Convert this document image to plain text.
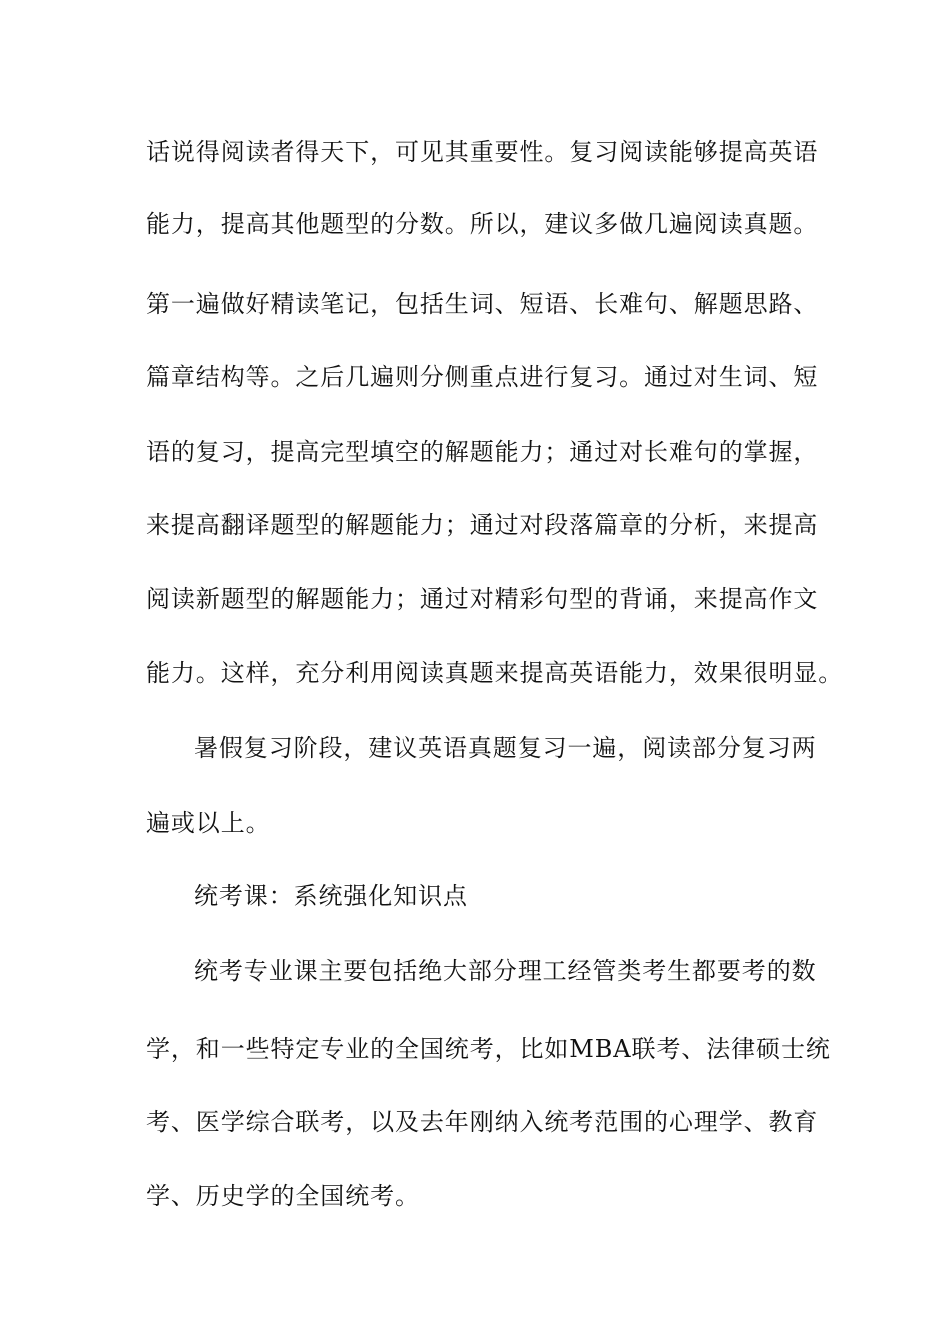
话说得阅读者得天下，可见其重要性。复习阅读能够提高英语
能力，提高其他题型的分数。所以，建议多做几遍阅读真题。
第一遍做好精读笔记，包括生词、短语、长难句、解题思路、
篇章结构等。之后几遍则分侧重点进行复习。通过对生词、短
语的复习，提高完型填空的解题能力；通过对长难句的掌握，
来提高翻译题型的解题能力；通过对段落篇章的分析，来提高
阅读新题型的解题能力；通过对精彩句型的背诵，来提高作文
能力。这样，充分利用阅读真题来提高英语能力，效果很明显。
暑假复习阶段，建议英语真题复习一遍，阅读部分复习两
遍或以上。
统考课：系统强化知识点
统考专业课主要包括绝大部分理工经管类考生都要考的数
学，和一些特定专业的全国统考，比如MBA联考、法律硕士统
考、医学综合联考，以及去年刚纳入统考范围的心理学、教育
学、历史学的全国统考。
